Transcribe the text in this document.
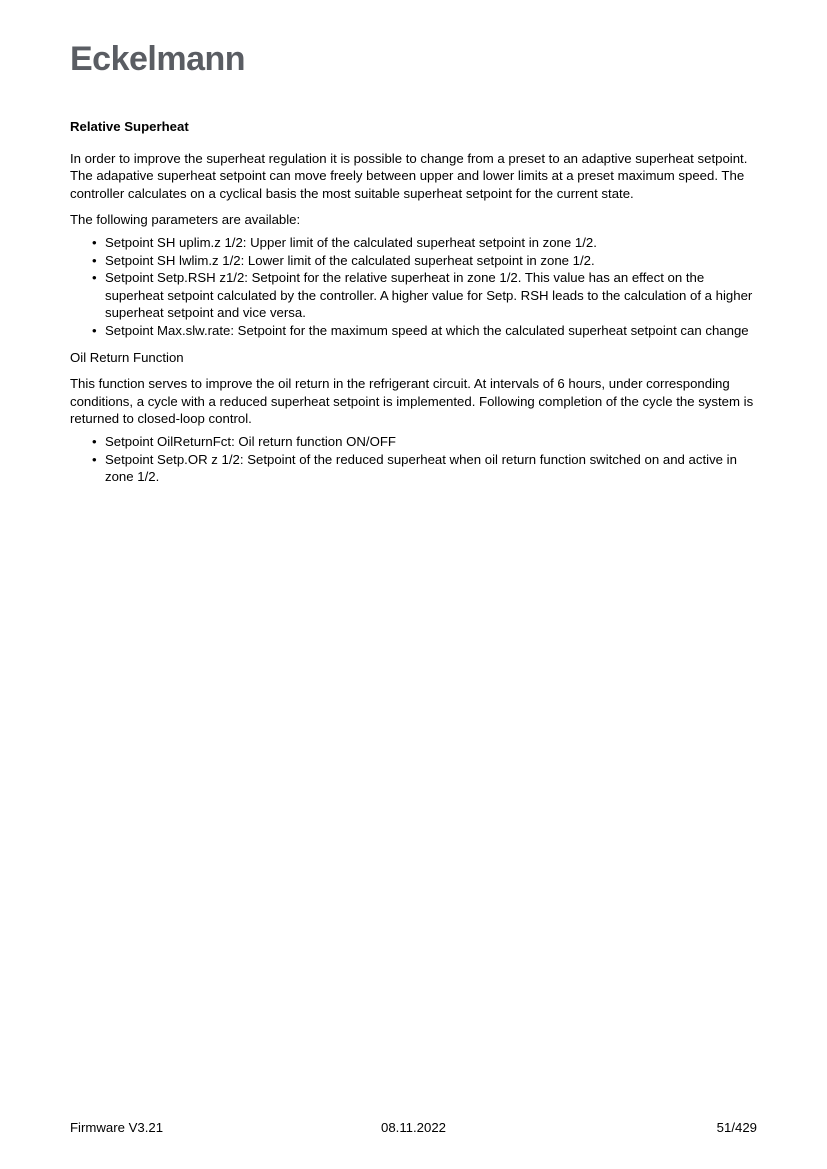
Eckelmann
Relative Superheat

In order to improve the superheat regulation it is possible to change from a preset to an adaptive superheat setpoint. The adapative superheat setpoint can move freely between upper and lower limits at a preset maximum speed. The controller calculates on a cyclical basis the most suitable superheat setpoint for the current state.

The following parameters are available:

• Setpoint SH uplim.z 1/2: Upper limit of the calculated superheat setpoint in zone 1/2.
• Setpoint SH lwlim.z 1/2: Lower limit of the calculated superheat setpoint in zone 1/2.
• Setpoint Setp.RSH z1/2: Setpoint for the relative superheat in zone 1/2. This value has an effect on the superheat setpoint calculated by the controller. A higher value for Setp. RSH leads to the calculation of a higher superheat setpoint and vice versa.
• Setpoint Max.slw.rate: Setpoint for the maximum speed at which the calculated superheat setpoint can change

Oil Return Function

This function serves to improve the oil return in the refrigerant circuit. At intervals of 6 hours, under corresponding conditions, a cycle with a reduced superheat setpoint is implemented. Following completion of the cycle the system is returned to closed-loop control.

• Setpoint OilReturnFct: Oil return function ON/OFF
• Setpoint Setp.OR z 1/2: Setpoint of the reduced superheat when oil return function switched on and active in zone 1/2.
Firmware V3.21	08.11.2022	51/429
